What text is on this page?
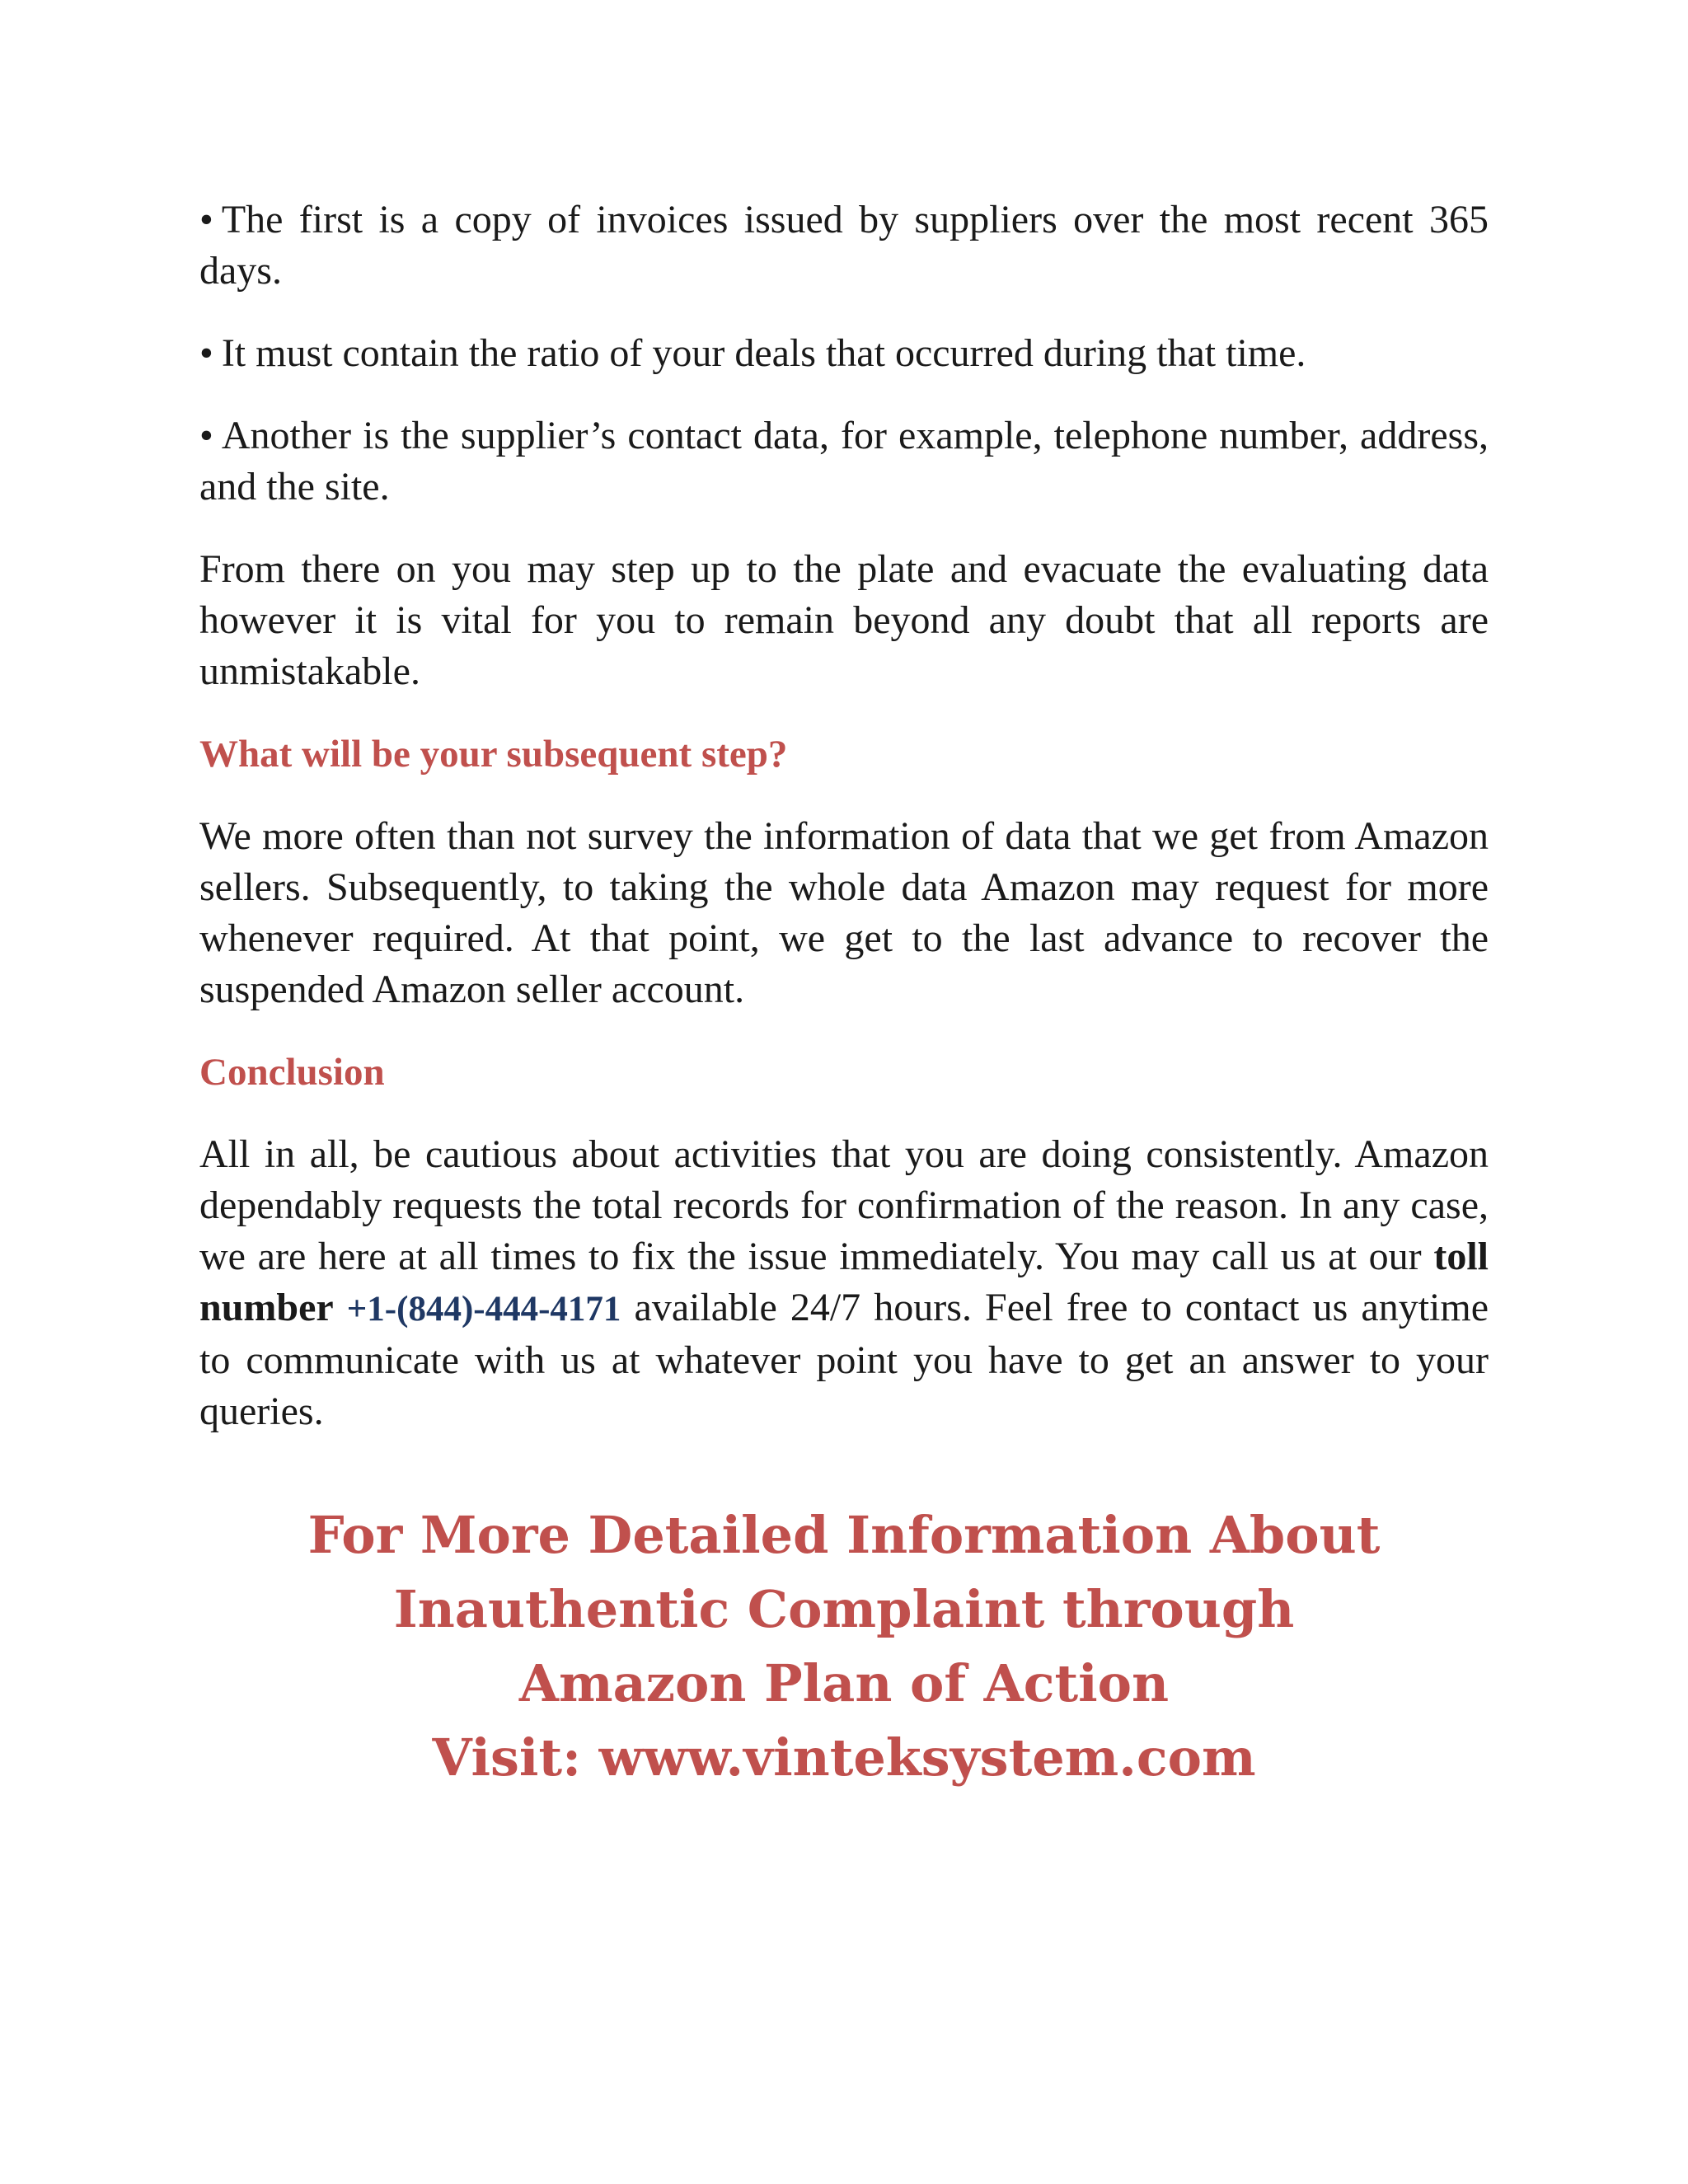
• The first is a copy of invoices issued by suppliers over the most recent 365 days.

• It must contain the ratio of your deals that occurred during that time.

• Another is the supplier’s contact data, for example, telephone number, address, and the site.

From there on you may step up to the plate and evacuate the evaluating data however it is vital for you to remain beyond any doubt that all reports are unmistakable.

What will be your subsequent step?

We more often than not survey the information of data that we get from Amazon sellers. Subsequently, to taking the whole data Amazon may request for more whenever required. At that point, we get to the last advance to recover the suspended Amazon seller account.

Conclusion

All in all, be cautious about activities that you are doing consistently. Amazon dependably requests the total records for confirmation of the reason. In any case, we are here at all times to fix the issue immediately. You may call us at our toll number +1-(844)-444-4171 available 24/7 hours. Feel free to contact us anytime to communicate with us at whatever point you have to get an answer to your queries.

For More Detailed Information About
Inauthentic Complaint through
Amazon Plan of Action
Visit: www.vinteksystem.com
